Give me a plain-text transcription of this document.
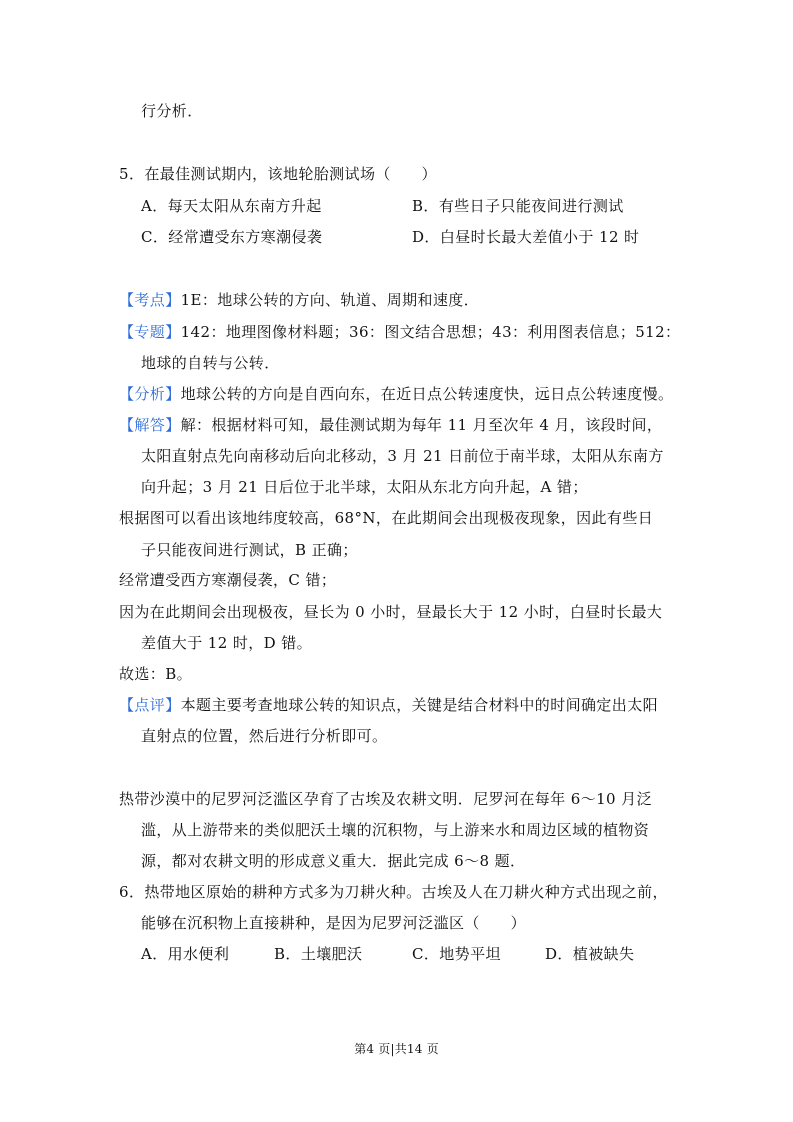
行分析．
5．在最佳测试期内，该地轮胎测试场（　　）
A．每天太阳从东南方升起	B．有些日子只能夜间进行测试
C．经常遭受东方寒潮侵袭	D．白昼时长最大差值小于 12 时
【考点】1E：地球公转的方向、轨道、周期和速度．
【专题】142：地理图像材料题；36：图文结合思想；43：利用图表信息；512：
地球的自转与公转．
【分析】地球公转的方向是自西向东，在近日点公转速度快，远日点公转速度慢。
【解答】解：根据材料可知，最佳测试期为每年 11 月至次年 4 月，该段时间，
太阳直射点先向南移动后向北移动，3 月 21 日前位于南半球，太阳从东南方
向升起；3 月 21 日后位于北半球，太阳从东北方向升起，A 错；
根据图可以看出该地纬度较高，68°N，在此期间会出现极夜现象，因此有些日
子只能夜间进行测试，B 正确；
经常遭受西方寒潮侵袭，C 错；
因为在此期间会出现极夜，昼长为 0 小时，昼最长大于 12 小时，白昼时长最大
差值大于 12 时，D 错。
故选：B。
【点评】本题主要考查地球公转的知识点，关键是结合材料中的时间确定出太阳
直射点的位置，然后进行分析即可。
热带沙漠中的尼罗河泛滥区孕育了古埃及农耕文明．尼罗河在每年 6～10 月泛
滥，从上游带来的类似肥沃土壤的沉积物，与上游来水和周边区域的植物资
源，都对农耕文明的形成意义重大．据此完成 6～8 题．
6．热带地区原始的耕种方式多为刀耕火种。古埃及人在刀耕火种方式出现之前，
能够在沉积物上直接耕种，是因为尼罗河泛滥区（　　）
A．用水便利	B．土壤肥沃	C．地势平坦	D．植被缺失
第4 页|共14 页
